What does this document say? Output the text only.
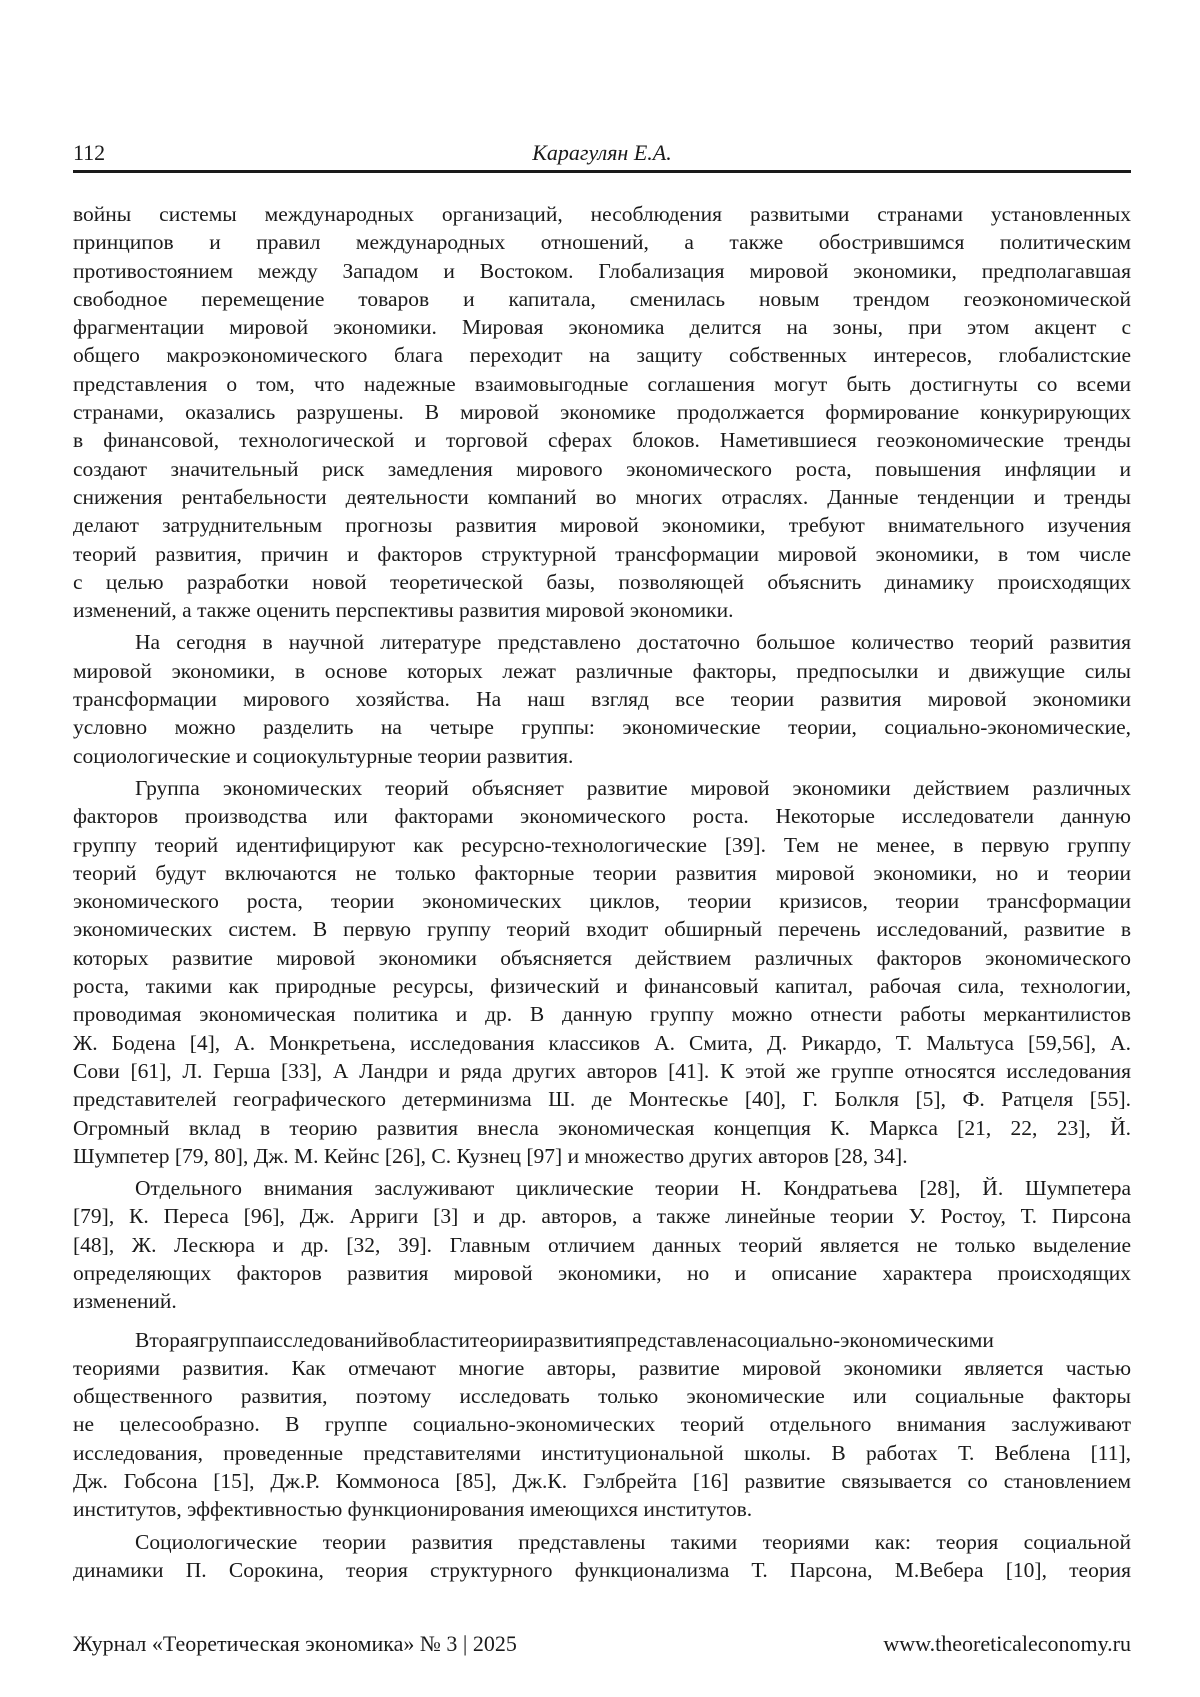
112	Карагулян Е.А.
войны системы международных организаций, несоблюдения развитыми странами установленных
принципов и правил международных отношений, а также обострившимся политическим
противостоянием между Западом и Востоком. Глобализация мировой экономики, предполагавшая
свободное перемещение товаров и капитала, сменилась новым трендом геоэкономической
фрагментации мировой экономики. Мировая экономика делится на зоны, при этом акцент с
общего макроэкономического блага переходит на защиту собственных интересов, глобалистские
представления о том, что надежные взаимовыгодные соглашения могут быть достигнуты со всеми
странами, оказались разрушены. В мировой экономике продолжается формирование конкурирующих
в финансовой, технологической и торговой сферах блоков. Наметившиеся геоэкономические тренды
создают значительный риск замедления мирового экономического роста, повышения инфляции и
снижения рентабельности деятельности компаний во многих отраслях. Данные тенденции и тренды
делают затруднительным прогнозы развития мировой экономики, требуют внимательного изучения
теорий развития, причин и факторов структурной трансформации мировой экономики, в том числе
с целью разработки новой теоретической базы, позволяющей объяснить динамику происходящих
изменений, а также оценить перспективы развития мировой экономики.
На сегодня в научной литературе представлено достаточно большое количество теорий развития
мировой экономики, в основе которых лежат различные факторы, предпосылки и движущие силы
трансформации мирового хозяйства. На наш взгляд все теории развития мировой экономики
условно можно разделить на четыре группы: экономические теории, социально-экономические,
социологические и социокультурные теории развития.
Группа экономических теорий объясняет развитие мировой экономики действием различных
факторов производства или факторами экономического роста. Некоторые исследователи данную
группу теорий идентифицируют как ресурсно-технологические [39]. Тем не менее, в первую группу
теорий будут включаются не только факторные теории развития мировой экономики, но и теории
экономического роста, теории экономических циклов, теории кризисов, теории трансформации
экономических систем. В первую группу теорий входит обширный перечень исследований, развитие в
которых развитие мировой экономики объясняется действием различных факторов экономического
роста, такими как природные ресурсы, физический и финансовый капитал, рабочая сила, технологии,
проводимая экономическая политика и др. В данную группу можно отнести работы меркантилистов
Ж. Бодена [4], А. Монкретьена, исследования классиков А. Смита, Д. Рикардо, Т. Мальтуса [59,56], А.
Сови [61], Л. Герша [33], А Ландри и ряда других авторов [41]. К этой же группе относятся исследования
представителей географического детерминизма Ш. де Монтескье [40], Г. Болкля [5], Ф. Ратцеля [55].
Огромный вклад в теорию развития внесла экономическая концепция К. Маркса [21, 22, 23], Й.
Шумпетер [79, 80], Дж. М. Кейнс [26], С. Кузнец [97] и множество других авторов [28, 34].
Отдельного внимания заслуживают циклические теории Н. Кондратьева [28], Й. Шумпетера
[79], К. Переса [96], Дж. Арриги [3] и др. авторов, а также линейные теории У. Ростоу, Т. Пирсона
[48], Ж. Лескюра и др. [32, 39]. Главным отличием данных теорий является не только выделение
определяющих факторов развития мировой экономики, но и описание характера происходящих
изменений.
Втораягруппаисследованийвобластитеорииразвитияпредставленасоциально-экономическими
теориями развития. Как отмечают многие авторы, развитие мировой экономики является частью
общественного развития, поэтому исследовать только экономические или социальные факторы
не целесообразно. В группе социально-экономических теорий отдельного внимания заслуживают
исследования, проведенные представителями институциональной школы. В работах Т. Веблена [11],
Дж. Гобсона [15], Дж.Р. Коммоноса [85], Дж.К. Гэлбрейта [16] развитие связывается со становлением
институтов, эффективностью функционирования имеющихся институтов.
Социологические теории развития представлены такими теориями как: теория социальной
динамики П. Сорокина, теория структурного функционализма Т. Парсона, М.Вебера [10], теория
Журнал «Теоретическая экономика» № 3 | 2025	www.theoreticaleconomy.ru
